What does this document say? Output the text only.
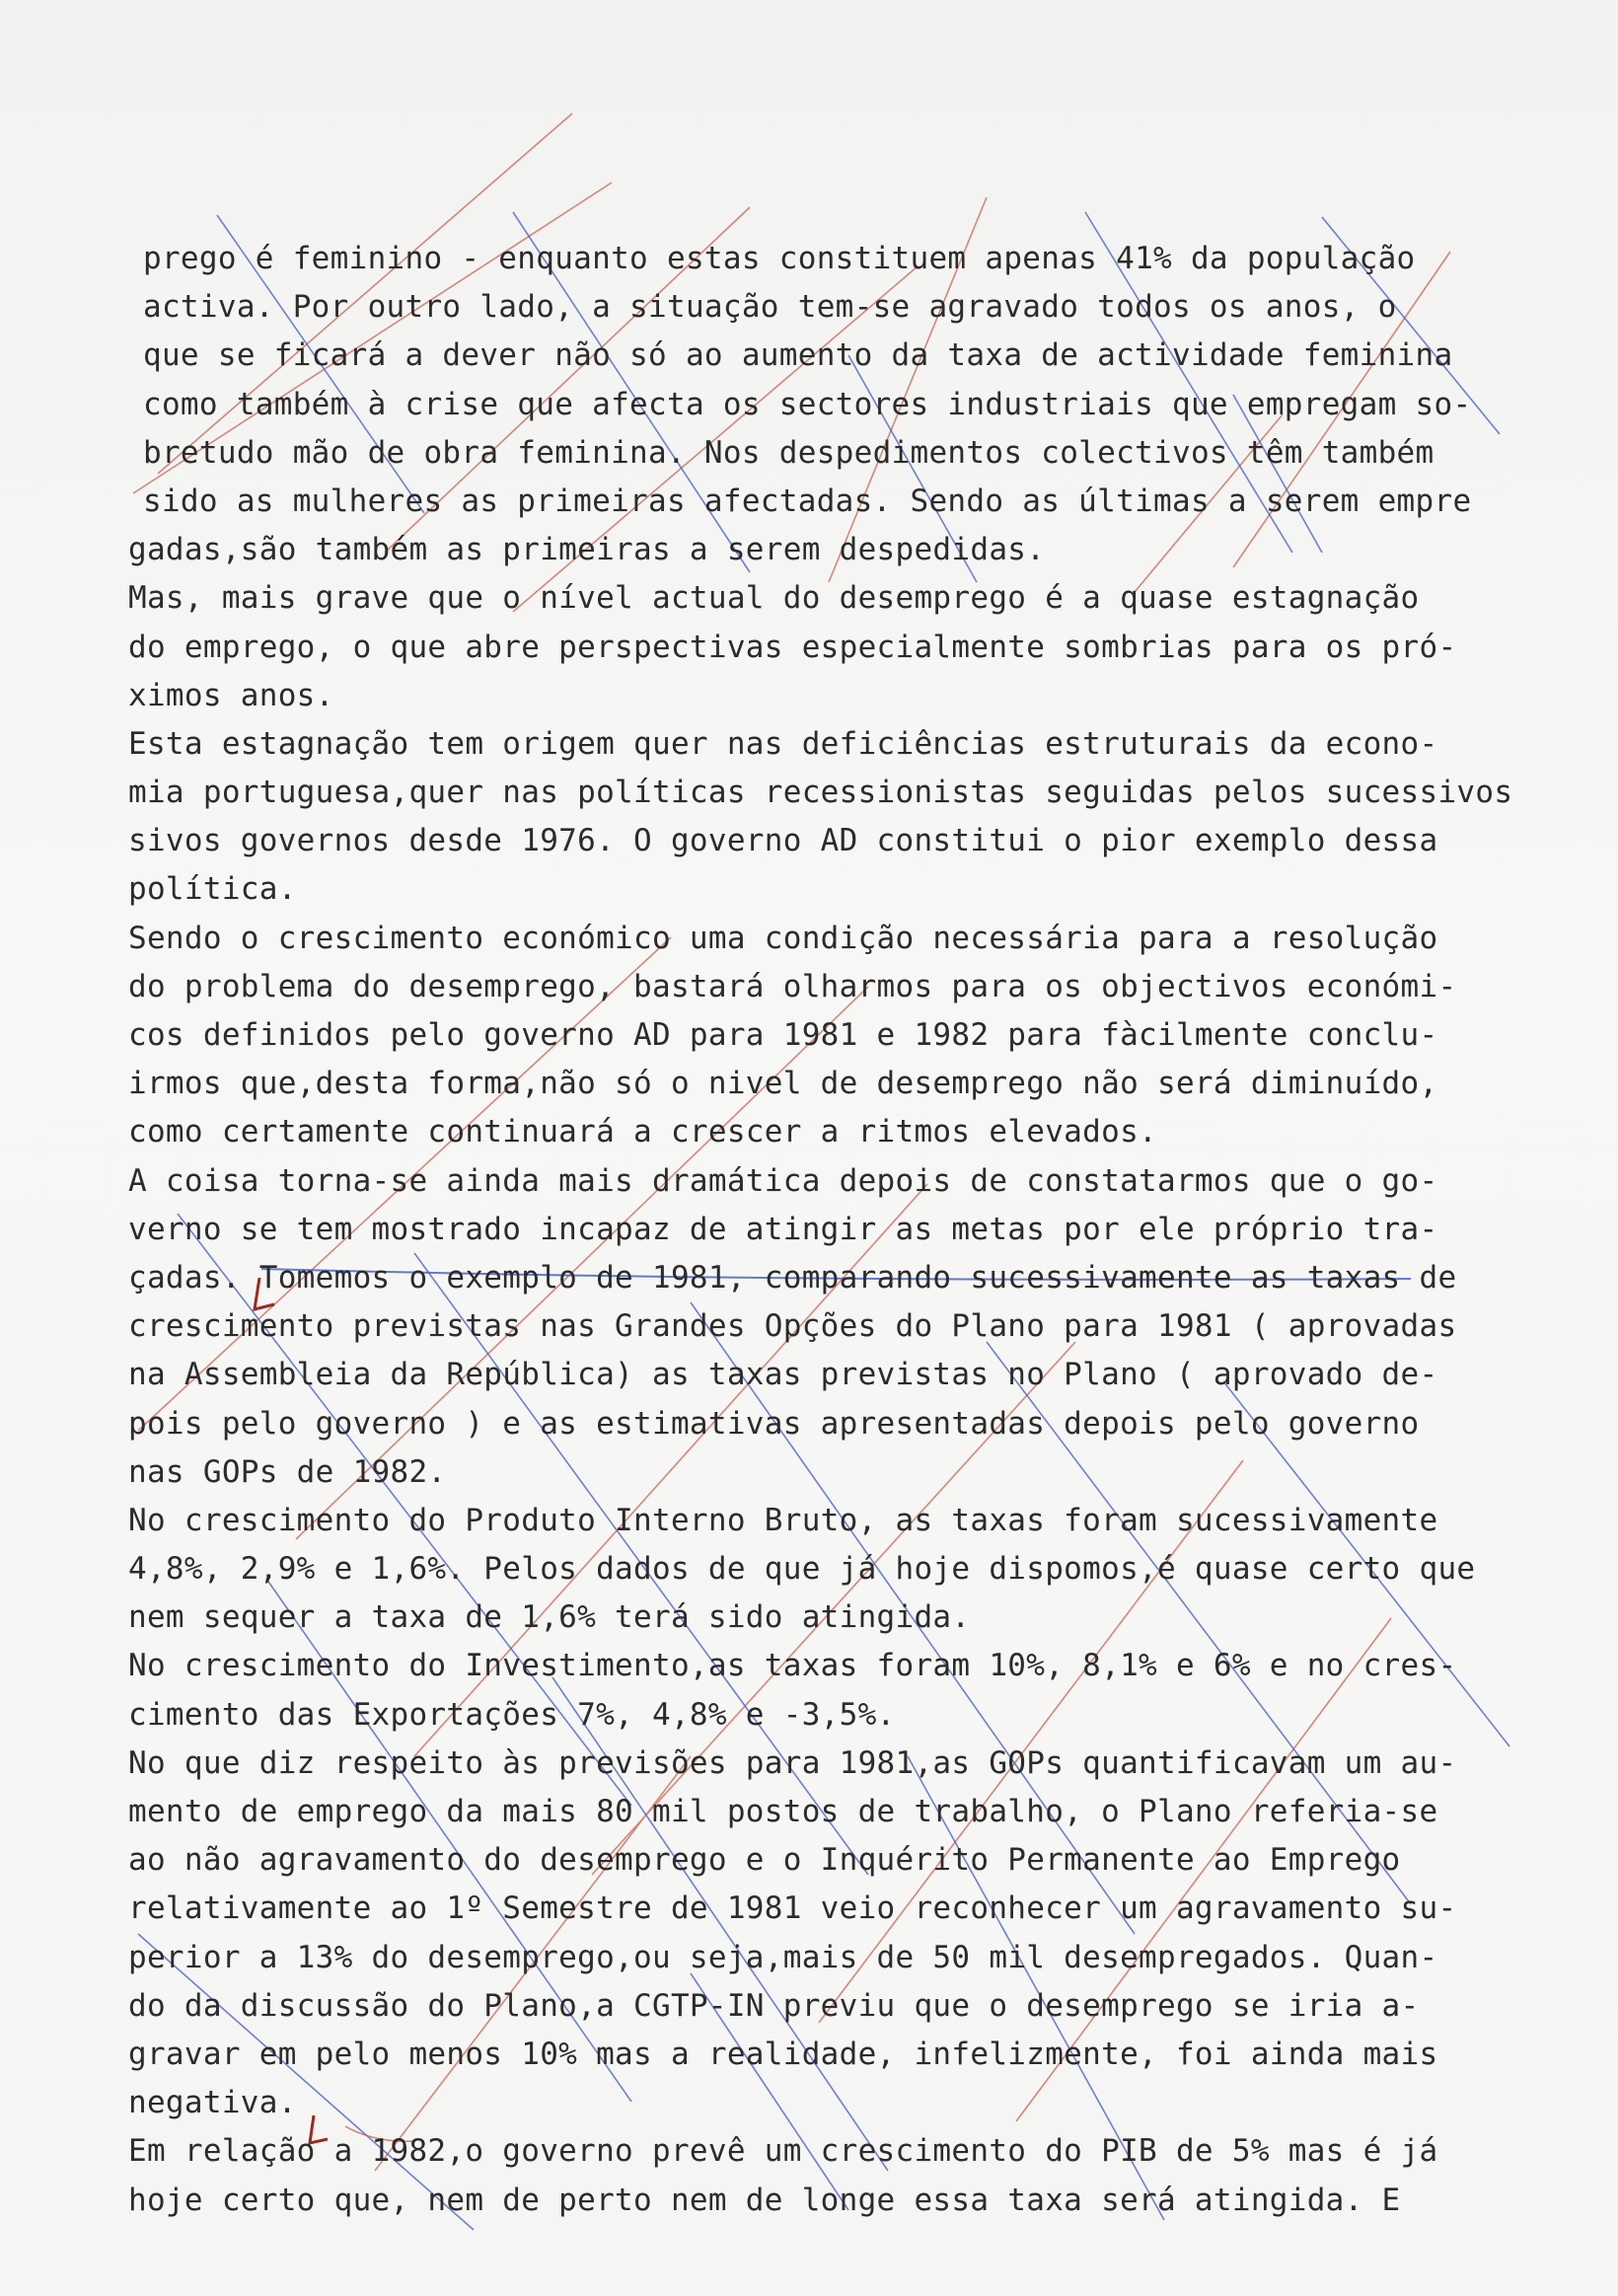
prego é feminino - enquanto estas constituem apenas 41% da população
activa. Por outro lado, a situação tem-se agravado todos os anos, o
que se ficará a dever não só ao aumento da taxa de actividade feminina
como também à crise que afecta os sectores industriais que empregam so-
bretudo mão de obra feminina. Nos despedimentos colectivos têm também
sido as mulheres as primeiras afectadas. Sendo as últimas a serem empre
gadas,são também as primeiras a serem despedidas.
Mas, mais grave que o nível actual do desemprego é a quase estagnação
do emprego, o que abre perspectivas especialmente sombrias para os pró-
ximos anos.
Esta estagnação tem origem quer nas deficiências estruturais da econo-
mia portuguesa,quer nas políticas recessionistas seguidas pelos sucessivos
sivos governos desde 1976. O governo AD constitui o pior exemplo dessa
política.
Sendo o crescimento económico uma condição necessária para a resolução
do problema do desemprego, bastará olharmos para os objectivos económi-
cos definidos pelo governo AD para 1981 e 1982 para fàcilmente conclu-
irmos que,desta forma,não só o nivel de desemprego não será diminuído,
como certamente continuará a crescer a ritmos elevados.
A coisa torna-se ainda mais dramática depois de constatarmos que o go-
verno se tem mostrado incapaz de atingir as metas por ele próprio tra-
çadas. Tomemos o exemplo de 1981, comparando sucessivamente as taxas de
crescimento previstas nas Grandes Opções do Plano para 1981 ( aprovadas
na Assembleia da República) as taxas previstas no Plano ( aprovado de-
pois pelo governo ) e as estimativas apresentadas depois pelo governo
nas GOPs de 1982.
No crescimento do Produto Interno Bruto, as taxas foram sucessivamente
4,8%, 2,9% e 1,6%. Pelos dados de que já hoje dispomos,é quase certo que
nem sequer a taxa de 1,6% terá sido atingida.
No crescimento do Investimento,as taxas foram 10%, 8,1% e 6% e no cres-
cimento das Exportações 7%, 4,8% e -3,5%.
No que diz respeito às previsões para 1981,as GOPs quantificavam um au-
mento de emprego da mais 80 mil postos de trabalho, o Plano referia-se
ao não agravamento do desemprego e o Inquérito Permanente ao Emprego
relativamente ao 1º Semestre de 1981 veio reconhecer um agravamento su-
perior a 13% do desemprego,ou seja,mais de 50 mil desempregados. Quan-
do da discussão do Plano,a CGTP-IN previu que o desemprego se iria a-
gravar em pelo menos 10% mas a realidade, infelizmente, foi ainda mais
negativa.
Em relação a 1982,o governo prevê um crescimento do PIB de 5% mas é já
hoje certo que, nem de perto nem de longe essa taxa será atingida. E
